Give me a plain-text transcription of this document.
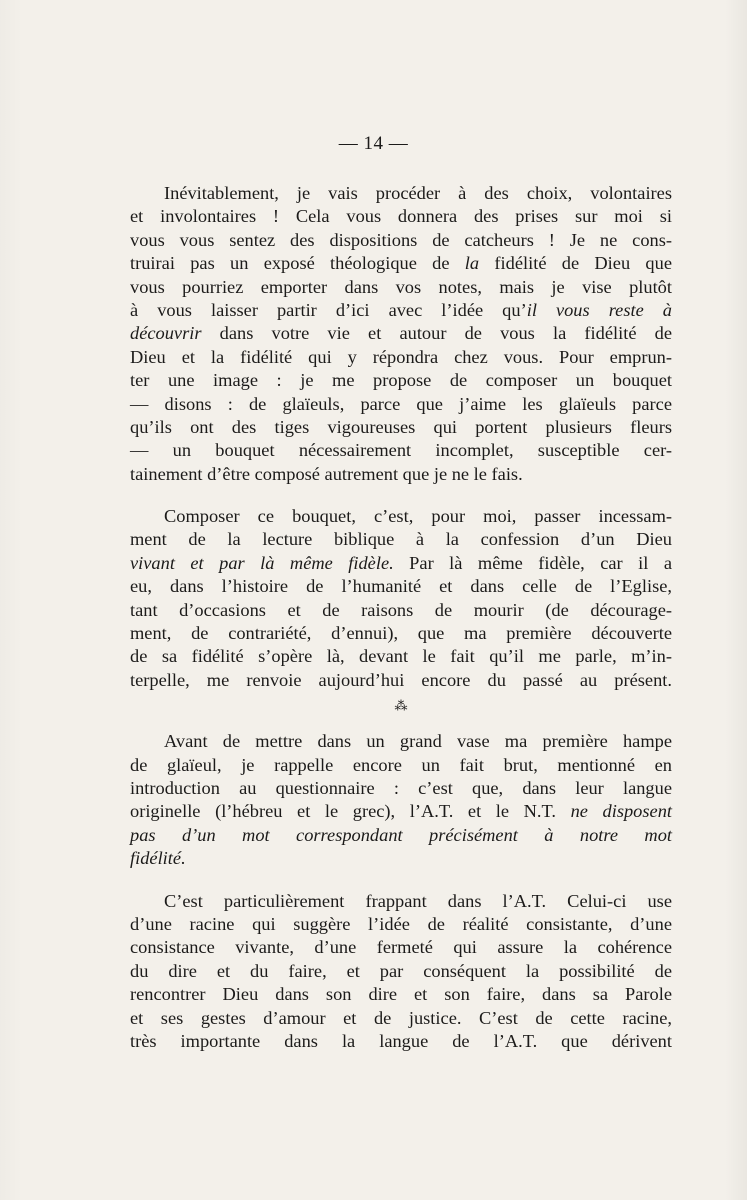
— 14 —
Inévitablement, je vais procéder à des choix, volontaires
et involontaires ! Cela vous donnera des prises sur moi si
vous vous sentez des dispositions de catcheurs ! Je ne cons-
truirai pas un exposé théologique de la fidélité de Dieu que
vous pourriez emporter dans vos notes, mais je vise plutôt
à vous laisser partir d’ici avec l’idée qu’il vous reste à
découvrir dans votre vie et autour de vous la fidélité de
Dieu et la fidélité qui y répondra chez vous. Pour emprun-
ter une image : je me propose de composer un bouquet
— disons : de glaïeuls, parce que j’aime les glaïeuls parce
qu’ils ont des tiges vigoureuses qui portent plusieurs fleurs
— un bouquet nécessairement incomplet, susceptible cer-
tainement d’être composé autrement que je ne le fais.
Composer ce bouquet, c’est, pour moi, passer incessam-
ment de la lecture biblique à la confession d’un Dieu
vivant et par là même fidèle. Par là même fidèle, car il a
eu, dans l’histoire de l’humanité et dans celle de l’Eglise,
tant d’occasions et de raisons de mourir (de décourage-
ment, de contrariété, d’ennui), que ma première découverte
de sa fidélité s’opère là, devant le fait qu’il me parle, m’in-
terpelle, me renvoie aujourd’hui encore du passé au présent.
⁂
Avant de mettre dans un grand vase ma première hampe
de glaïeul, je rappelle encore un fait brut, mentionné en
introduction au questionnaire : c’est que, dans leur langue
originelle (l’hébreu et le grec), l’A.T. et le N.T. ne disposent
pas d’un mot correspondant précisément à notre mot
fidélité.
C’est particulièrement frappant dans l’A.T. Celui-ci use
d’une racine qui suggère l’idée de réalité consistante, d’une
consistance vivante, d’une fermeté qui assure la cohérence
du dire et du faire, et par conséquent la possibilité de
rencontrer Dieu dans son dire et son faire, dans sa Parole
et ses gestes d’amour et de justice. C’est de cette racine,
très importante dans la langue de l’A.T. que dérivent
